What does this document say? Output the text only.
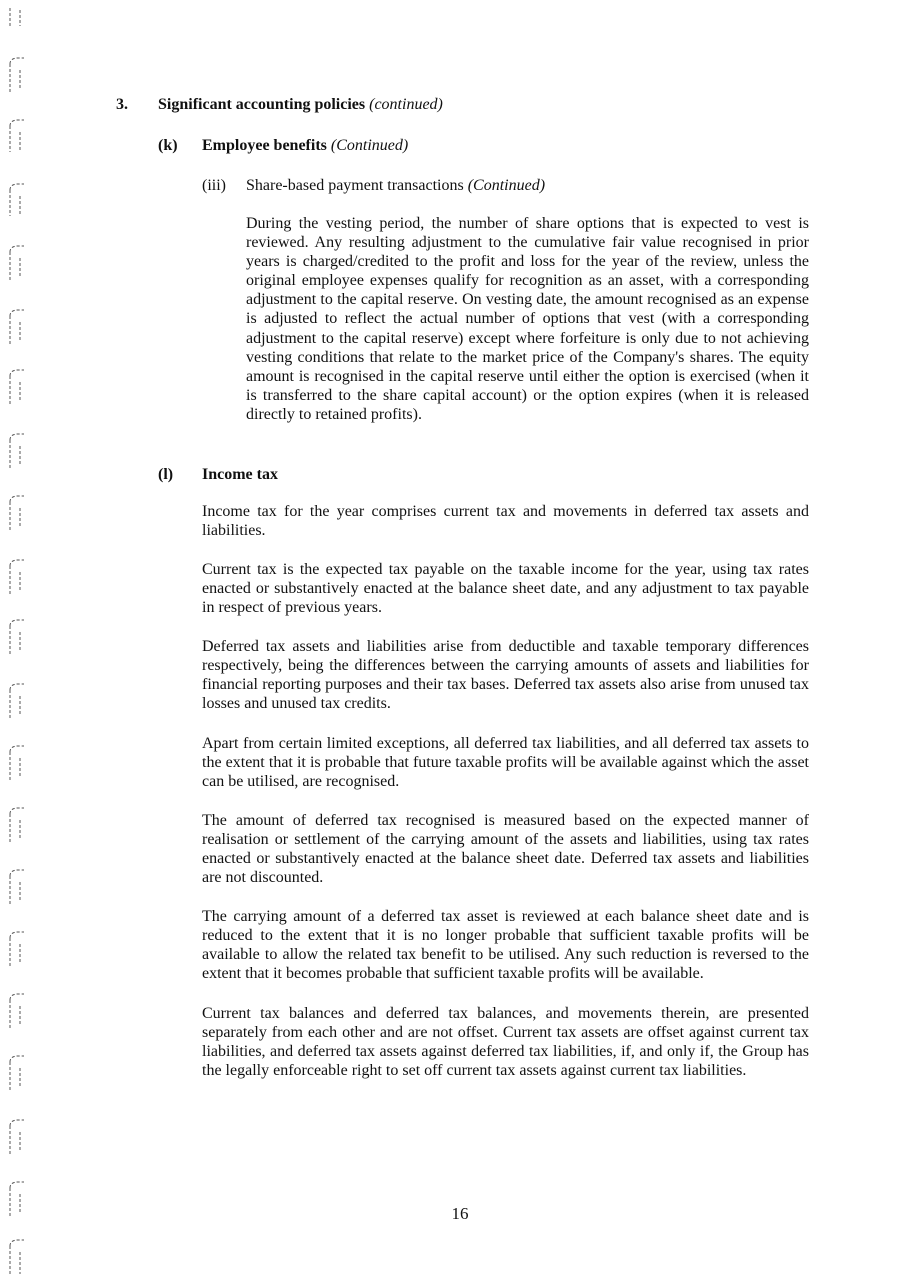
3. Significant accounting policies (continued)
(k) Employee benefits (Continued)
(iii) Share-based payment transactions (Continued)

During the vesting period, the number of share options that is expected to vest is reviewed. Any resulting adjustment to the cumulative fair value recognised in prior years is charged/credited to the profit and loss for the year of the review, unless the original employee expenses qualify for recognition as an asset, with a corresponding adjustment to the capital reserve. On vesting date, the amount recognised as an expense is adjusted to reflect the actual number of options that vest (with a corresponding adjustment to the capital reserve) except where forfeiture is only due to not achieving vesting conditions that relate to the market price of the Company's shares. The equity amount is recognised in the capital reserve until either the option is exercised (when it is transferred to the share capital account) or the option expires (when it is released directly to retained profits).

(l) Income tax

Income tax for the year comprises current tax and movements in deferred tax assets and liabilities.

Current tax is the expected tax payable on the taxable income for the year, using tax rates enacted or substantively enacted at the balance sheet date, and any adjustment to tax payable in respect of previous years.

Deferred tax assets and liabilities arise from deductible and taxable temporary differences respectively, being the differences between the carrying amounts of assets and liabilities for financial reporting purposes and their tax bases. Deferred tax assets also arise from unused tax losses and unused tax credits.

Apart from certain limited exceptions, all deferred tax liabilities, and all deferred tax assets to the extent that it is probable that future taxable profits will be available against which the asset can be utilised, are recognised.

The amount of deferred tax recognised is measured based on the expected manner of realisation or settlement of the carrying amount of the assets and liabilities, using tax rates enacted or substantively enacted at the balance sheet date. Deferred tax assets and liabilities are not discounted.

The carrying amount of a deferred tax asset is reviewed at each balance sheet date and is reduced to the extent that it is no longer probable that sufficient taxable profits will be available to allow the related tax benefit to be utilised. Any such reduction is reversed to the extent that it becomes probable that sufficient taxable profits will be available.

Current tax balances and deferred tax balances, and movements therein, are presented separately from each other and are not offset. Current tax assets are offset against current tax liabilities, and deferred tax assets against deferred tax liabilities, if, and only if, the Group has the legally enforceable right to set off current tax assets against current tax liabilities.

16
